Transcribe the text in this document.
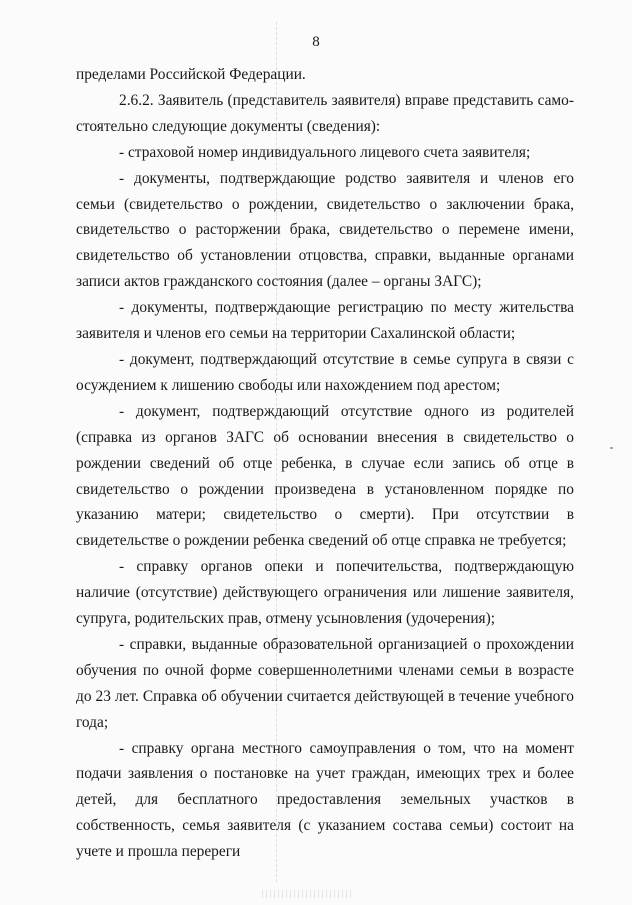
8

пределами Российской Федерации.

2.6.2. Заявитель (представитель заявителя) вправе представить самостоятельно следующие документы (сведения):

- страховой номер индивидуального лицевого счета заявителя;

- документы, подтверждающие родство заявителя и членов его семьи (свидетельство о рождении, свидетельство о заключении брака, свидетельство о расторжении брака, свидетельство о перемене имени, свидетельство об установлении отцовства, справки, выданные органами записи актов гражданского состояния (далее – органы ЗАГС);

- документы, подтверждающие регистрацию по месту жительства заявителя и членов его семьи на территории Сахалинской области;

- документ, подтверждающий отсутствие в семье супруга в связи с осуждением к лишению свободы или нахождением под арестом;

- документ, подтверждающий отсутствие одного из родителей (справка из органов ЗАГС об основании внесения в свидетельство о рождении сведений об отце ребенка, в случае если запись об отце в свидетельство о рождении произведена в установленном порядке по указанию матери; свидетельство о смерти). При отсутствии в свидетельстве о рождении ребенка сведений об отце справка не требуется;

- справку органов опеки и попечительства, подтверждающую наличие (отсутствие) действующего ограничения или лишение заявителя, супруга, родительских прав, отмену усыновления (удочерения);

- справки, выданные образовательной организацией о прохождении обучения по очной форме совершеннолетними членами семьи в возрасте до 23 лет. Справка об обучении считается действующей в течение учебного года;

- справку органа местного самоуправления о том, что на момент подачи заявления о постановке на учет граждан, имеющих трех и более детей, для бесплатного предоставления земельных участков в собственность, семья заявителя (с указанием состава семьи) состоит на учете и прошла перереги
